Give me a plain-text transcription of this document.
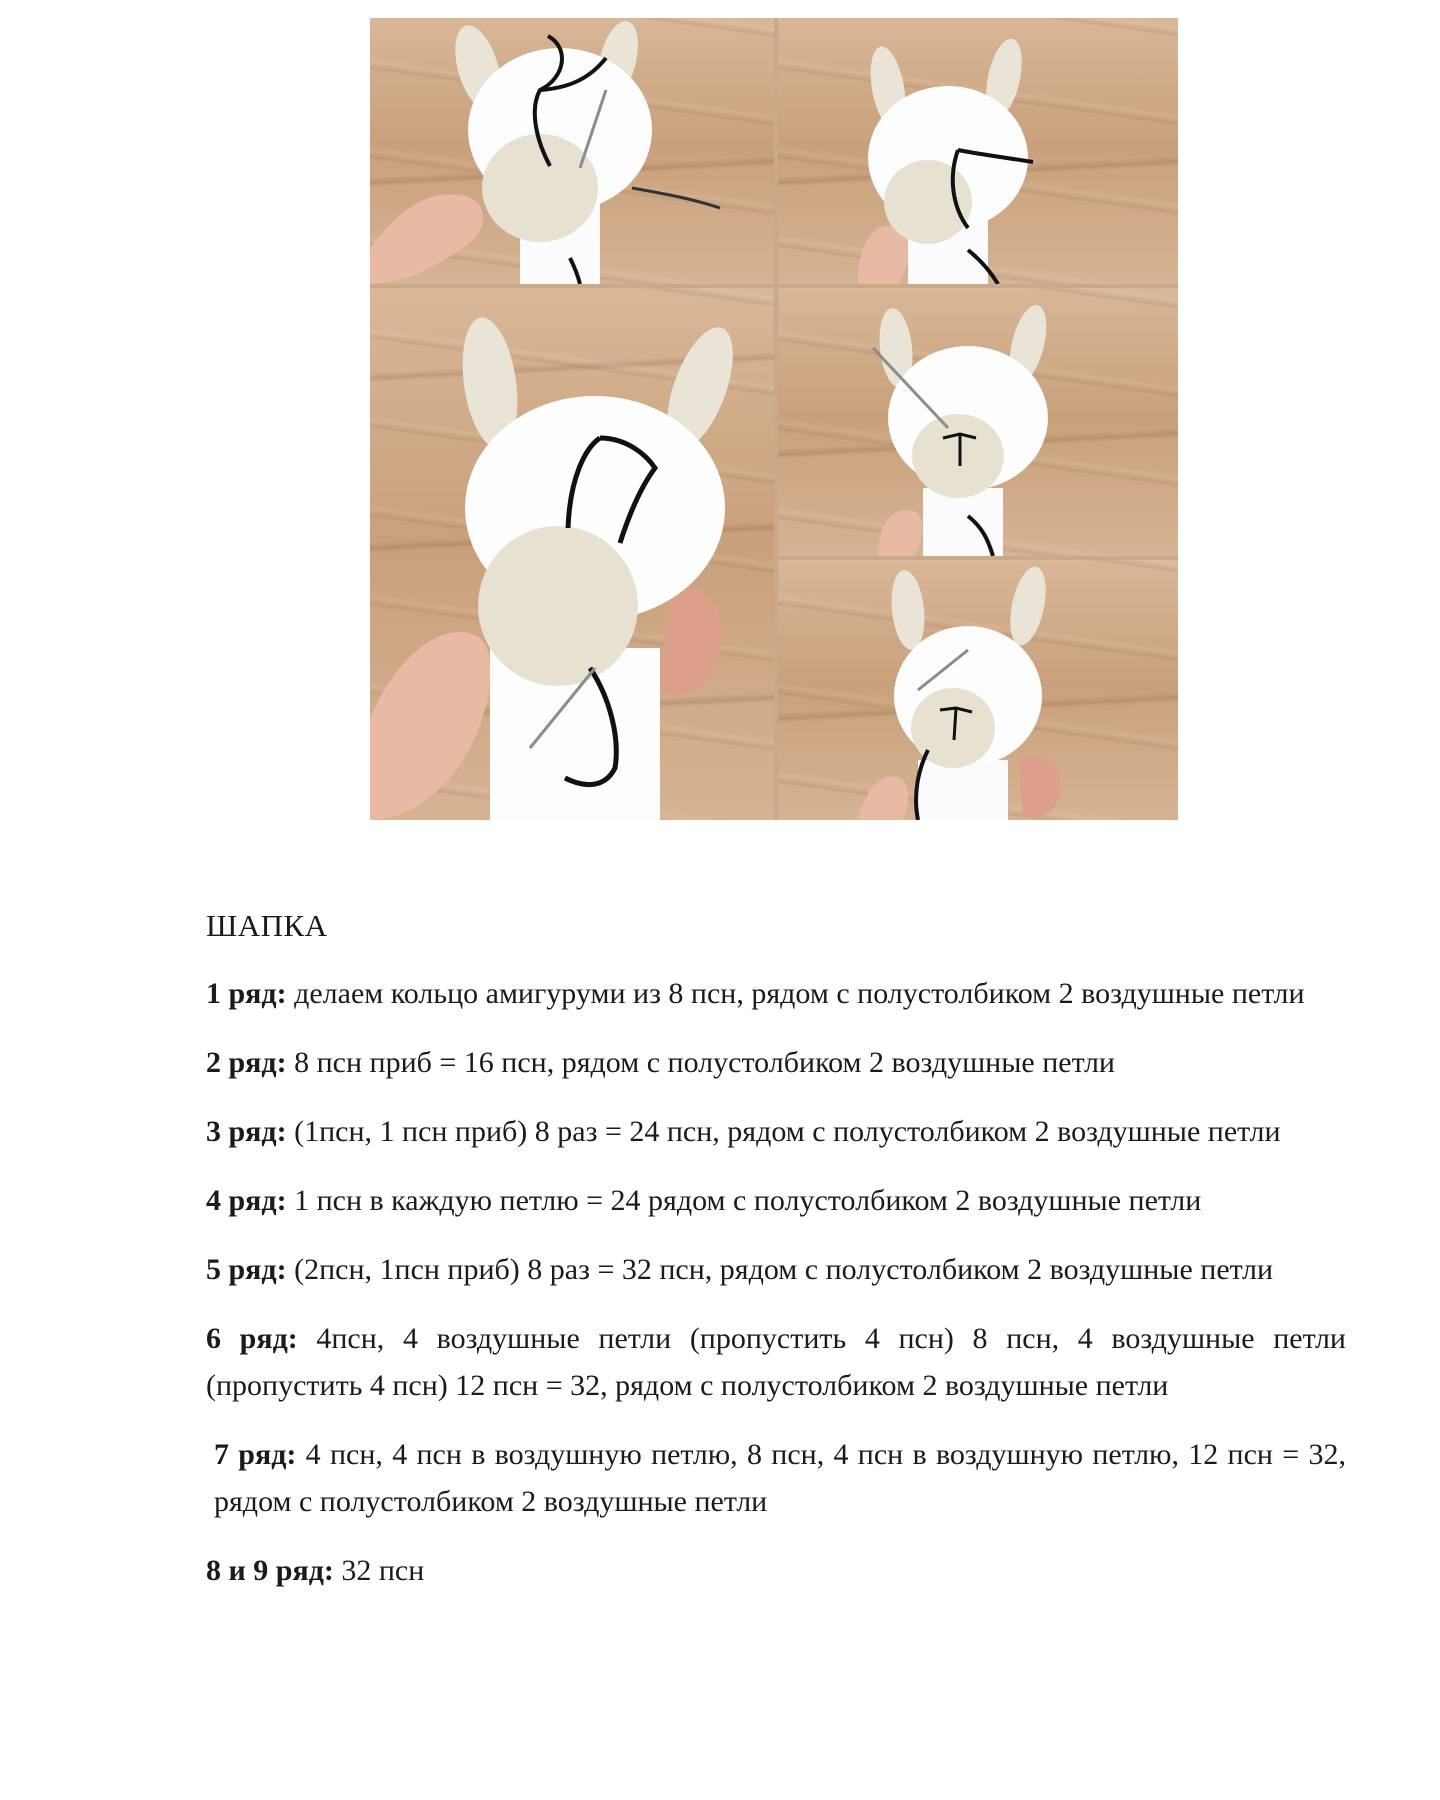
ШАПКА

1 ряд: делаем кольцо амигуруми из 8 псн, рядом с полустолбиком 2 воздушные петли

2 ряд: 8 псн приб = 16 псн, рядом с полустолбиком 2 воздушные петли

3 ряд: (1псн, 1 псн приб) 8 раз = 24 псн, рядом с полустолбиком 2 воздушные петли

4 ряд: 1 псн в каждую петлю = 24 рядом с полустолбиком 2 воздушные петли

5 ряд: (2псн, 1псн приб) 8 раз = 32 псн, рядом с полустолбиком 2 воздушные петли

6 ряд: 4псн, 4 воздушные петли (пропустить 4 псн) 8 псн, 4 воздушные петли (пропустить 4 псн) 12 псн = 32, рядом с полустолбиком 2 воздушные петли

7 ряд: 4 псн, 4 псн в воздушную петлю, 8 псн, 4 псн в воздушную петлю, 12 псн = 32, рядом с полустолбиком 2 воздушные петли

8 и 9 ряд: 32 псн
